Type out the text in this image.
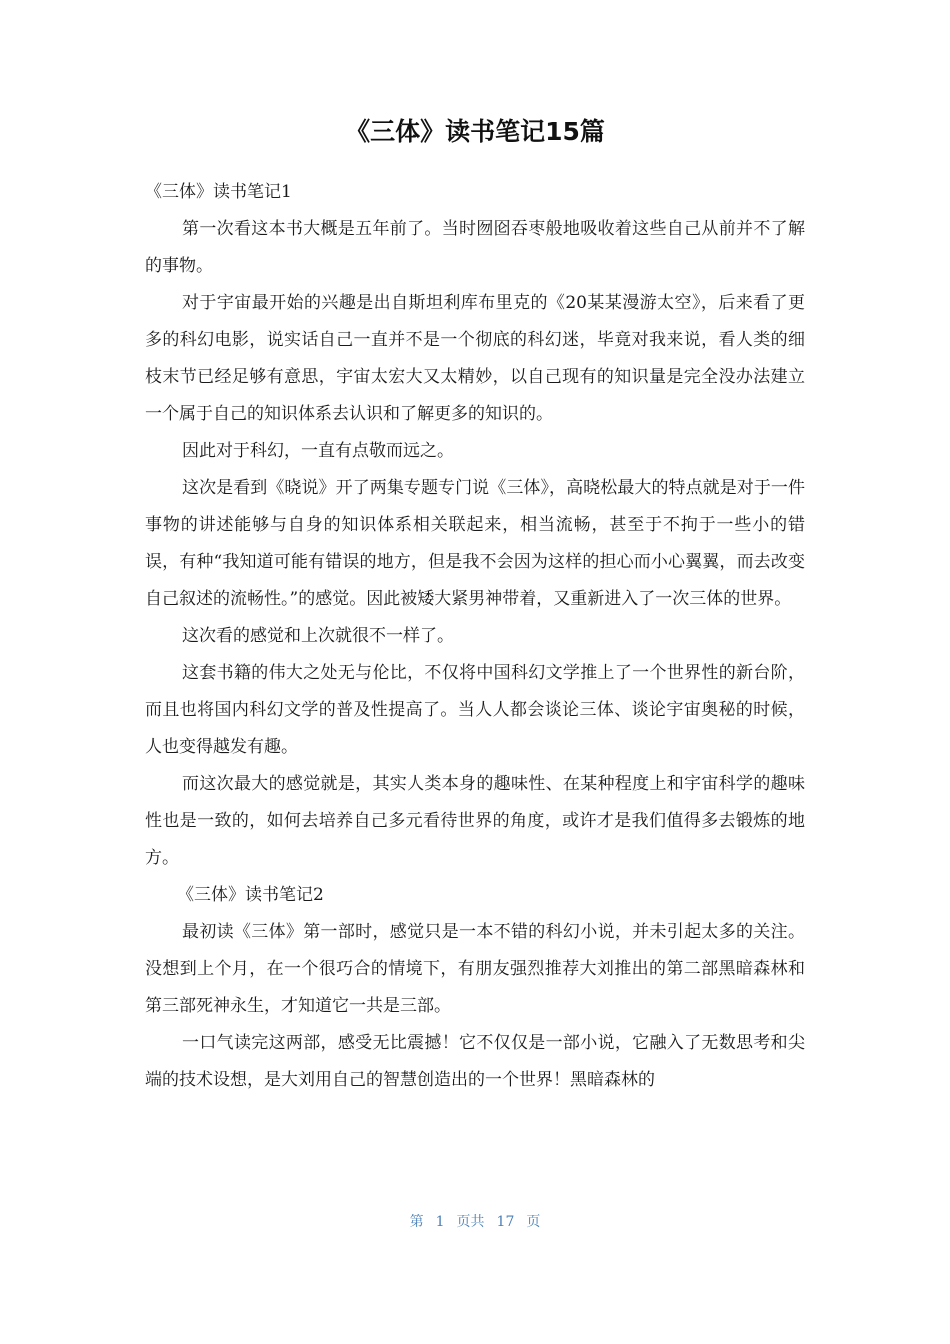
《三体》读书笔记15篇

《三体》读书笔记1

第一次看这本书大概是五年前了。当时囫囵吞枣般地吸收着这些自己从前并不了解的事物。

对于宇宙最开始的兴趣是出自斯坦利库布里克的《20某某漫游太空》，后来看了更多的科幻电影，说实话自己一直并不是一个彻底的科幻迷，毕竟对我来说，看人类的细枝末节已经足够有意思，宇宙太宏大又太精妙，以自己现有的知识量是完全没办法建立一个属于自己的知识体系去认识和了解更多的知识的。

因此对于科幻，一直有点敬而远之。

这次是看到《晓说》开了两集专题专门说《三体》，高晓松最大的特点就是对于一件事物的讲述能够与自身的知识体系相关联起来，相当流畅，甚至于不拘于一些小的错误，有种“我知道可能有错误的地方，但是我不会因为这样的担心而小心翼翼，而去改变自己叙述的流畅性。”的感觉。因此被矮大紧男神带着，又重新进入了一次三体的世界。

这次看的感觉和上次就很不一样了。

这套书籍的伟大之处无与伦比，不仅将中国科幻文学推上了一个世界性的新台阶，而且也将国内科幻文学的普及性提高了。当人人都会谈论三体、谈论宇宙奥秘的时候，人也变得越发有趣。

而这次最大的感觉就是，其实人类本身的趣味性、在某种程度上和宇宙科学的趣味性也是一致的，如何去培养自己多元看待世界的角度，或许才是我们值得多去锻炼的地方。

《三体》读书笔记2

最初读《三体》第一部时，感觉只是一本不错的科幻小说，并未引起太多的关注。没想到上个月，在一个很巧合的情境下，有朋友强烈推荐大刘推出的第二部黑暗森林和第三部死神永生，才知道它一共是三部。

一口气读完这两部，感受无比震撼！它不仅仅是一部小说，它融入了无数思考和尖端的技术设想，是大刘用自己的智慧创造出的一个世界！黑暗森林的

第 1 页共 17 页
